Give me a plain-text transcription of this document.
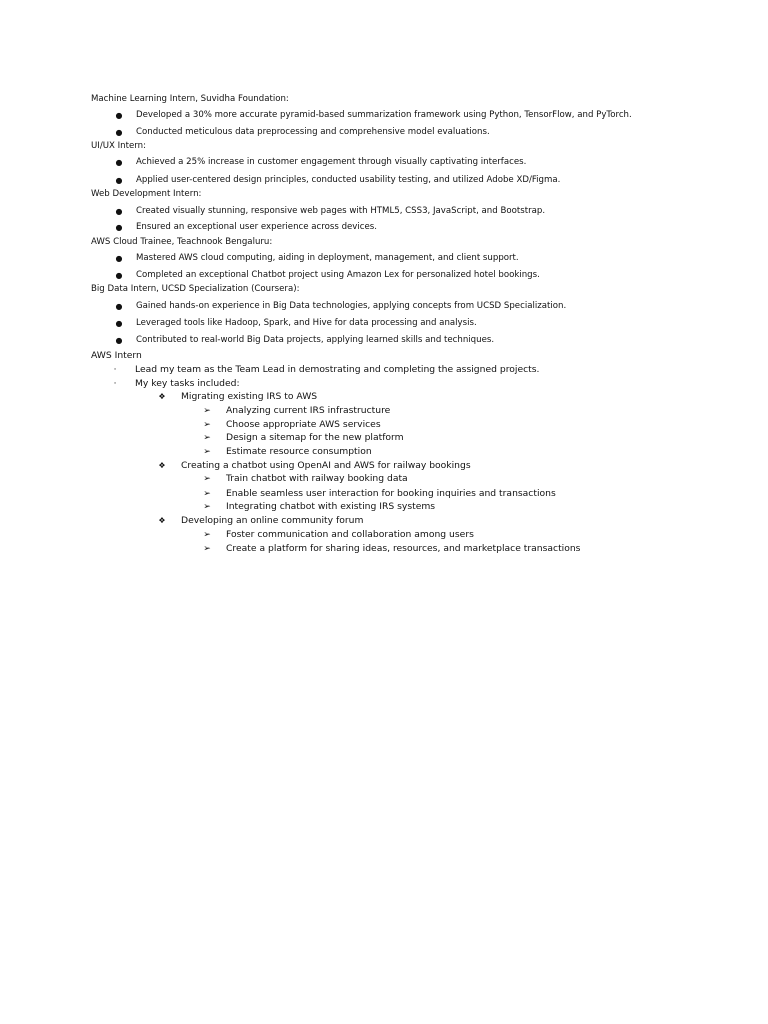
Machine Learning Intern, Suvidha Foundation:
● Developed a 30% more accurate pyramid-based summarization framework using Python, TensorFlow, and PyTorch.
● Conducted meticulous data preprocessing and comprehensive model evaluations.
UI/UX Intern:
● Achieved a 25% increase in customer engagement through visually captivating interfaces.
● Applied user-centered design principles, conducted usability testing, and utilized Adobe XD/Figma.
Web Development Intern:
● Created visually stunning, responsive web pages with HTML5, CSS3, JavaScript, and Bootstrap.
● Ensured an exceptional user experience across devices.
AWS Cloud Trainee, Teachnook Bengaluru:
● Mastered AWS cloud computing, aiding in deployment, management, and client support.
● Completed an exceptional Chatbot project using Amazon Lex for personalized hotel bookings.
Big Data Intern, UCSD Specialization (Coursera):
● Gained hands-on experience in Big Data technologies, applying concepts from UCSD Specialization.
● Leveraged tools like Hadoop, Spark, and Hive for data processing and analysis.
● Contributed to real-world Big Data projects, applying learned skills and techniques.
AWS Intern
·	Lead my team as the Team Lead in demostrating and completing the assigned projects.
·	My key tasks included:
❖ Migrating existing IRS to AWS
➢ Analyzing current IRS infrastructure
➢ Choose appropriate AWS services
➢ Design a sitemap for the new platform
➢ Estimate resource consumption
❖ Creating a chatbot using OpenAI and AWS for railway bookings
➢ Train chatbot with railway booking data
➢ Enable seamless user interaction for booking inquiries and transactions
➢ Integrating chatbot with existing IRS systems
❖ Developing an online community forum
➢ Foster communication and collaboration among users
➢ Create a platform for sharing ideas, resources, and marketplace transactions
